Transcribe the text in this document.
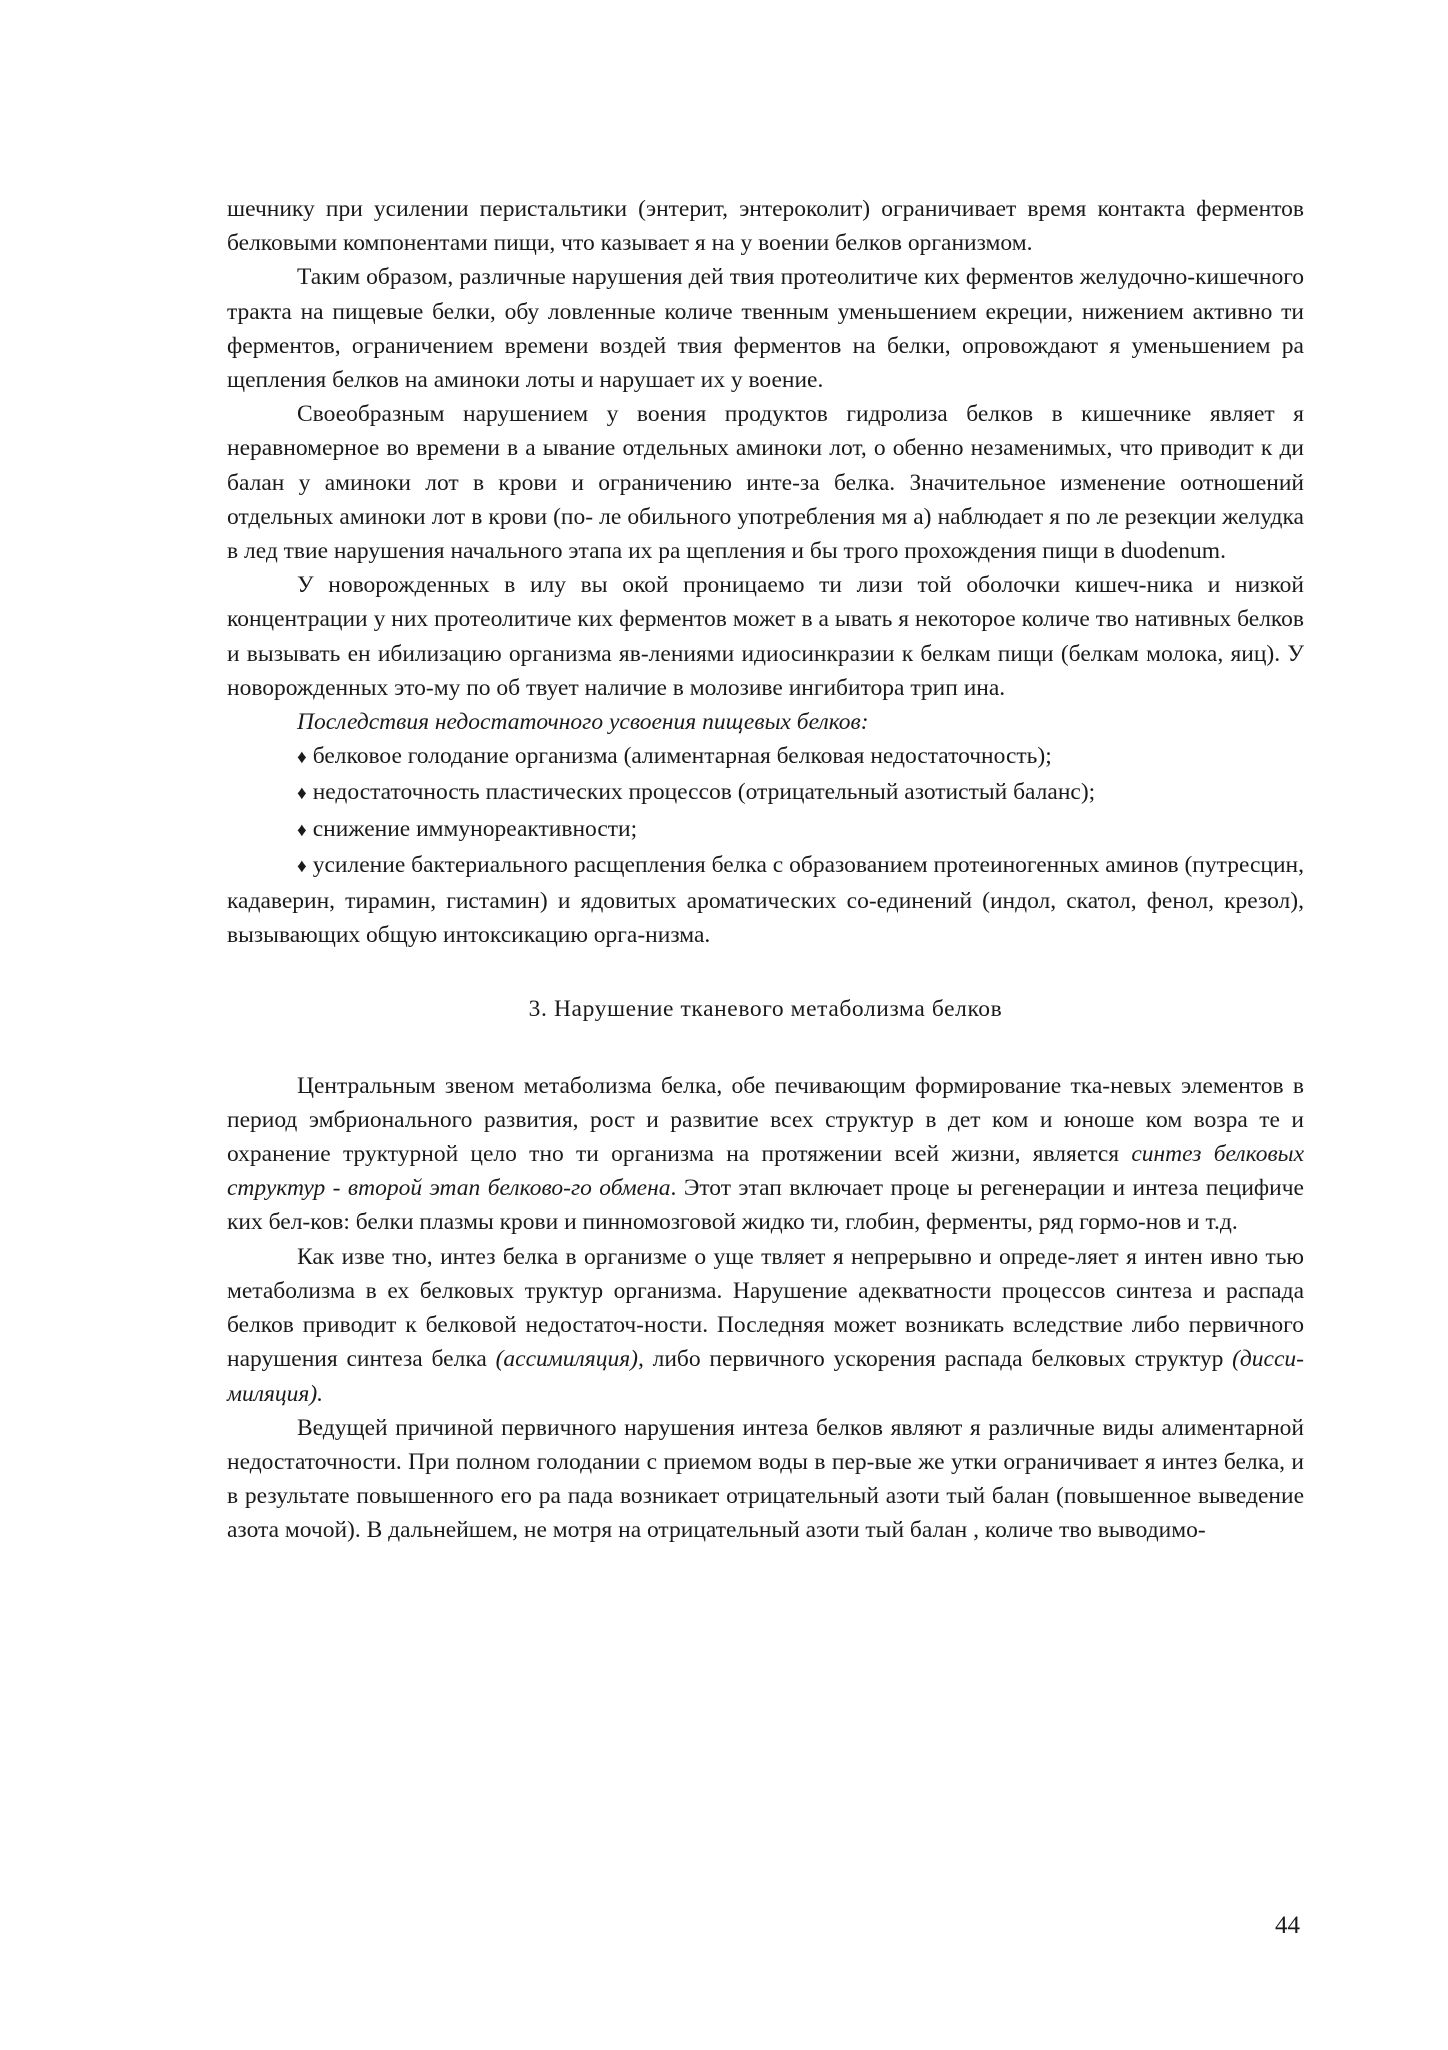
шечнику при усилении перистальтики (энтерит, энтероколит) ограничивает время контакта ферментов белковыми компонентами пищи, что казывает я на у воении белков организмом.

Таким образом, различные нарушения дей твия протеолитиче ких ферментов желудочно-кишечного тракта на пищевые белки, обу ловленные количе твенным уменьшением екреции, нижением активно ти ферментов, ограничением времени воздей твия ферментов на белки, опровождают я уменьшением ра щепления белков на аминоки лоты и нарушает их у воение.

Своеобразным нарушением у воения продуктов гидролиза белков в кишечнике являет я неравномерное во времени в а ывание отдельных аминоки лот, о обенно незаменимых, что приводит к ди балан у аминоки лот в крови и ограничению инте-за белка. Значительное изменение оотношений отдельных аминоки лот в крови (по- ле обильного употребления мя а) наблюдает я по ле резекции желудка в лед твие нарушения начального этапа их ра щепления и бы трого прохождения пищи в duodenum.

У новорожденных в илу вы окой проницаемо ти лизи той оболочки кишеч-ника и низкой концентрации у них протеолитиче ких ферментов может в а ывать я некоторое количе тво нативных белков и вызывать ен ибилизацию организма яв-лениями идиосинкразии к белкам пищи (белкам молока, яиц). У новорожденных это-му по об твует наличие в молозиве ингибитора трип ина.

Последствия недостаточного усвоения пищевых белков:

♦ белковое голодание организма (алиментарная белковая недостаточность);

♦ недостаточность пластических процессов (отрицательный азотистый баланс);

♦ снижение иммунореактивности;

♦ усиление бактериального расщепления белка с образованием протеиногенных аминов (путресцин, кадаверин, тирамин, гистамин) и ядовитых ароматических со-единений (индол, скатол, фенол, крезол), вызывающих общую интоксикацию орга-низма.

3. Нарушение тканевого метаболизма белков

Центральным звеном метаболизма белка, обе печивающим формирование тка-невых элементов в период эмбрионального развития, рост и развитие всех структур в дет ком и юноше ком возра те и охранение труктурной цело тно ти организма на протяжении всей жизни, является синтез белковых структур - второй этап белково-го обмена. Этот этап включает проце ы регенерации и интеза пецифиче ких бел-ков: белки плазмы крови и пинномозговой жидко ти, глобин, ферменты, ряд гормо-нов и т.д.

Как изве тно, интез белка в организме о уще твляет я непрерывно и опреде-ляет я интен ивно тью метаболизма в ех белковых труктур организма. Нарушение адекватности процессов синтеза и распада белков приводит к белковой недостаточ-ности. Последняя может возникать вследствие либо первичного нарушения синтеза белка (ассимиляция), либо первичного ускорения распада белковых структур (дисси-миляция).

Ведущей причиной первичного нарушения интеза белков являют я различные виды алиментарной недостаточности. При полном голодании с приемом воды в пер-вые же утки ограничивает я интез белка, и в результате повышенного его ра пада возникает отрицательный азоти тый балан (повышенное выведение азота мочой). В дальнейшем, не мотря на отрицательный азоти тый балан , количе тво выводимо-

44
